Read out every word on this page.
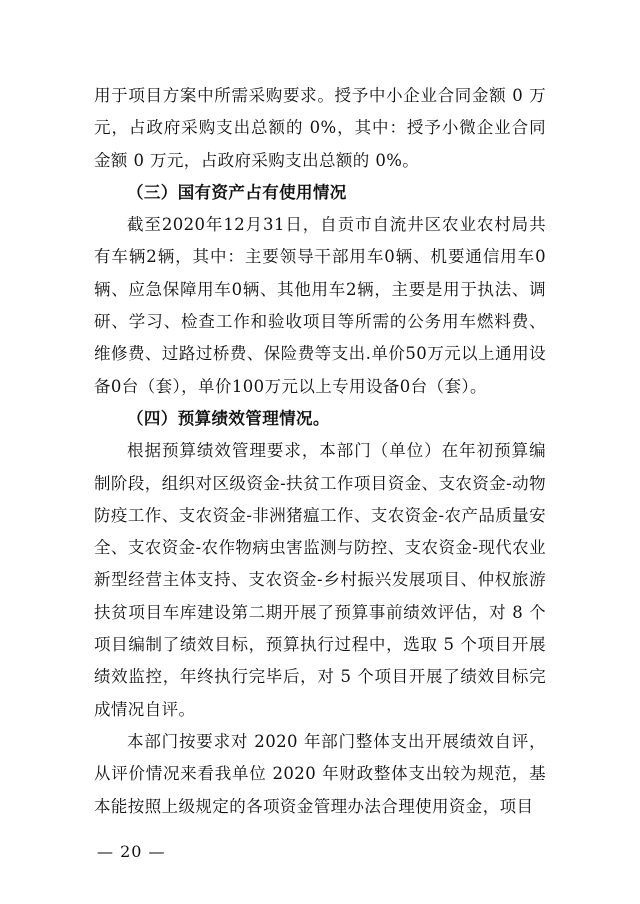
用于项目方案中所需采购要求。授予中小企业合同金额 0 万元，占政府采购支出总额的 0%，其中：授予小微企业合同金额 0 万元，占政府采购支出总额的 0%。

（三）国有资产占有使用情况

截至2020年12月31日，自贡市自流井区农业农村局共有车辆2辆，其中：主要领导干部用车0辆、机要通信用车0辆、应急保障用车0辆、其他用车2辆，主要是用于执法、调研、学习、检查工作和验收项目等所需的公务用车燃料费、维修费、过路过桥费、保险费等支出.单价50万元以上通用设备0台（套），单价100万元以上专用设备0台（套）。

（四）预算绩效管理情况。

根据预算绩效管理要求，本部门（单位）在年初预算编制阶段，组织对区级资金-扶贫工作项目资金、支农资金-动物防疫工作、支农资金-非洲猪瘟工作、支农资金-农产品质量安全、支农资金-农作物病虫害监测与防控、支农资金-现代农业新型经营主体支持、支农资金-乡村振兴发展项目、仲权旅游扶贫项目车库建设第二期开展了预算事前绩效评估，对 8 个项目编制了绩效目标，预算执行过程中，选取 5 个项目开展绩效监控，年终执行完毕后，对 5 个项目开展了绩效目标完成情况自评。

本部门按要求对 2020 年部门整体支出开展绩效自评，从评价情况来看我单位 2020 年财政整体支出较为规范，基本能按照上级规定的各项资金管理办法合理使用资金，项目

— 20 —
